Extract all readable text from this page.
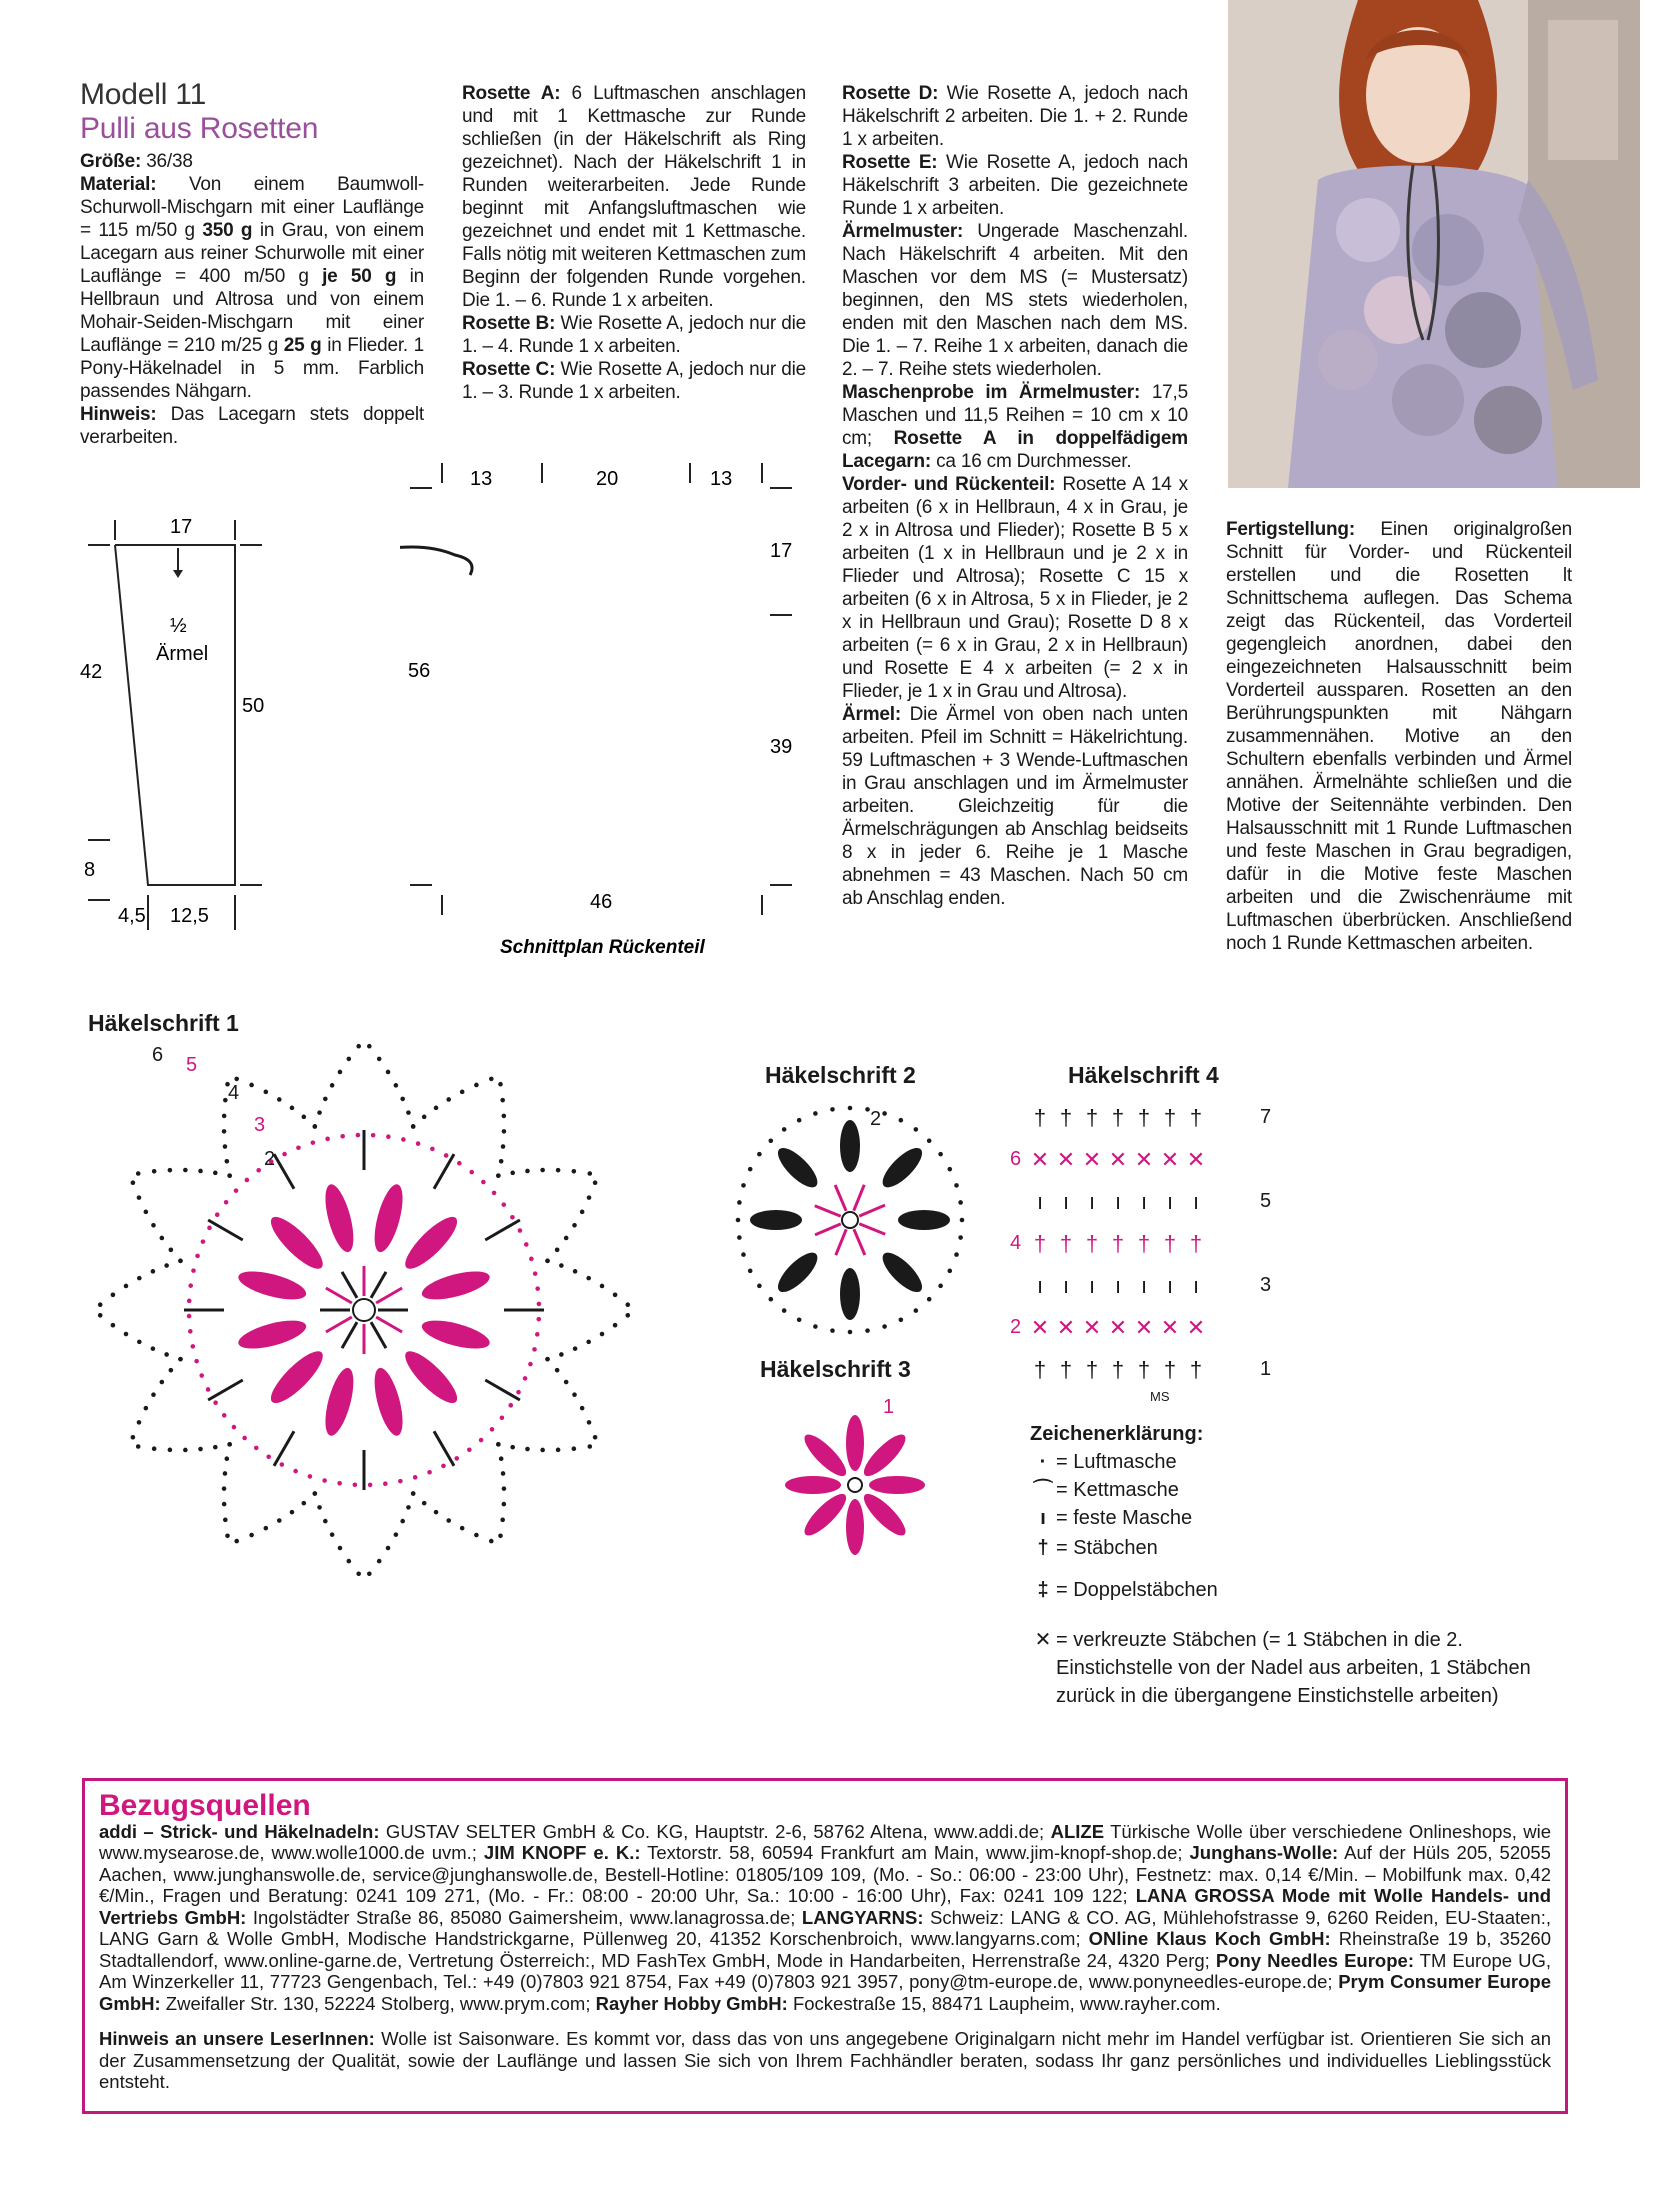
Modell 11
Pulli aus Rosetten

Größe: 36/38

Material: Von einem Baumwoll-Schurwoll-Mischgarn mit einer Lauflänge = 115 m/50 g 350 g in Grau, von einem Lacegarn aus reiner Schurwolle mit einer Lauflänge = 400 m/50 g je 50 g in Hellbraun und Altrosa und von einem Mohair-Seiden-Mischgarn mit einer Lauflänge = 210 m/25 g 25 g in Flieder. 1 Pony-Häkelnadel in 5 mm. Farblich passendes Nähgarn.

Hinweis: Das Lacegarn stets doppelt verarbeiten.

Rosette A: 6 Luftmaschen anschlagen und mit 1 Kettmasche zur Runde schließen (in der Häkelschrift als Ring gezeichnet). Nach der Häkelschrift 1 in Runden weiterarbeiten. Jede Runde beginnt mit Anfangsluftmaschen wie gezeichnet und endet mit 1 Kettmasche. Falls nötig mit weiteren Kettmaschen zum Beginn der folgenden Runde vorgehen. Die 1. – 6. Runde 1 x arbeiten.

Rosette B: Wie Rosette A, jedoch nur die 1. – 4. Runde 1 x arbeiten.

Rosette C: Wie Rosette A, jedoch nur die 1. – 3. Runde 1 x arbeiten.

Rosette D: Wie Rosette A, jedoch nach Häkelschrift 2 arbeiten. Die 1. + 2. Runde 1 x arbeiten.

Rosette E: Wie Rosette A, jedoch nach Häkelschrift 3 arbeiten. Die gezeichnete Runde 1 x arbeiten.

Ärmelmuster: Ungerade Maschenzahl. Nach Häkelschrift 4 arbeiten. Mit den Maschen vor dem MS (= Mustersatz) beginnen, den MS stets wiederholen, enden mit den Maschen nach dem MS. Die 1. – 7. Reihe 1 x arbeiten, danach die 2. – 7. Reihe stets wiederholen.

Maschenprobe im Ärmelmuster: 17,5 Maschen und 11,5 Reihen = 10 cm x 10 cm; Rosette A in doppelfädigem Lacegarn: ca 16 cm Durchmesser.

Vorder- und Rückenteil: Rosette A 14 x arbeiten (6 x in Hellbraun, 4 x in Grau, je 2 x in Altrosa und Flieder); Rosette B 5 x arbeiten (1 x in Hellbraun und je 2 x in Flieder und Altrosa); Rosette C 15 x arbeiten (6 x in Altrosa, 5 x in Flieder, je 2 x in Hellbraun und Grau); Rosette D 8 x arbeiten (= 6 x in Grau, 2 x in Hellbraun) und Rosette E 4 x arbeiten (= 2 x in Flieder, je 1 x in Grau und Altrosa).

Ärmel: Die Ärmel von oben nach unten arbeiten. Pfeil im Schnitt = Häkelrichtung. 59 Luftmaschen + 3 Wende-Luftmaschen in Grau anschlagen und im Ärmelmuster arbeiten. Gleichzeitig für die Ärmelschrägungen ab Anschlag beidseits 8 x in jeder 6. Reihe je 1 Masche abnehmen = 43 Maschen. Nach 50 cm ab Anschlag enden.

Fertigstellung: Einen originalgroßen Schnitt für Vorder- und Rückenteil erstellen und die Rosetten lt Schnittschema auflegen. Das Schema zeigt das Rückenteil, das Vorderteil gegengleich anordnen, dabei den eingezeichneten Halsausschnitt beim Vorderteil aussparen. Rosetten an den Berührungspunkten mit Nähgarn zusammennähen. Motive an den Schultern ebenfalls verbinden und Ärmel annähen. Ärmelnähte schließen und die Motive der Seitennähte verbinden. Den Halsausschnitt mit 1 Runde Luftmaschen und feste Maschen in Grau begradigen, dafür in die Motive feste Maschen arbeiten und die Zwischenräume mit Luftmaschen überbrücken. Anschließend noch 1 Runde Kettmaschen arbeiten.

17
½
Ärmel
42
50
8
4,5 12,5
13	20	13
17
56
39
46
Schnittplan Rückenteil
Häkelschrift 1
6 5
4
3
2
Häkelschrift 2
2
Häkelschrift 3
1
Häkelschrift 4
† † † † † † †	7
✕ ✕ ✕ ✕ ✕ ✕ ✕
6
ı ı ı ı ı ı ı	5
† † † † † † †
4
ı ı ı ı ı ı ı	3
✕ ✕ ✕ ✕ ✕ ✕ ✕
2
† † † † † † †	1
MS
Zeichenerklärung:
· = Luftmasche
⌒ = Kettmasche
ı = feste Masche
† = Stäbchen
‡ = Doppelstäbchen
✕ = verkreuzte Stäbchen (= 1 Stäbchen in die 2. Einstichstelle von der Nadel aus arbeiten, 1 Stäbchen zurück in die übergangene Einstichstelle arbeiten)
Bezugsquellen

addi – Strick- und Häkelnadeln: GUSTAV SELTER GmbH & Co. KG, Hauptstr. 2-6, 58762 Altena, www.addi.de; ALIZE Türkische Wolle über verschiedene Onlineshops, wie www.mysearose.de, www.wolle1000.de uvm.; JIM KNOPF e. K.: Textorstr. 58, 60594 Frankfurt am Main, www.jim-knopf-shop.de; Junghans-Wolle: Auf der Hüls 205, 52055 Aachen, www.junghanswolle.de, service@junghanswolle.de, Bestell-Hotline: 01805/109 109, (Mo. - So.: 06:00 - 23:00 Uhr), Festnetz: max. 0,14 €/Min. – Mobilfunk max. 0,42 €/Min., Fragen und Beratung: 0241 109 271, (Mo. - Fr.: 08:00 - 20:00 Uhr, Sa.: 10:00 - 16:00 Uhr), Fax: 0241 109 122; LANA GROSSA Mode mit Wolle Handels- und Vertriebs GmbH: Ingolstädter Straße 86, 85080 Gaimersheim, www.lanagrossa.de; LANGYARNS: Schweiz: LANG & CO. AG, Mühlehofstrasse 9, 6260 Reiden, EU-Staaten:, LANG Garn & Wolle GmbH, Modische Handstrickgarne, Püllenweg 20, 41352 Korschenbroich, www.langyarns.com; ONline Klaus Koch GmbH: Rheinstraße 19 b, 35260 Stadtallendorf, www.online-garne.de, Vertretung Österreich:, MD FashTex GmbH, Mode in Handarbeiten, Herrenstraße 24, 4320 Perg; Pony Needles Europe: TM Europe UG, Am Winzerkeller 11, 77723 Gengenbach, Tel.: +49 (0)7803 921 8754, Fax +49 (0)7803 921 3957, pony@tm-europe.de, www.ponyneedles-europe.de; Prym Consumer Europe GmbH: Zweifaller Str. 130, 52224 Stolberg, www.prym.com; Rayher Hobby GmbH: Fockestraße 15, 88471 Laupheim, www.rayher.com.

Hinweis an unsere LeserInnen: Wolle ist Saisonware. Es kommt vor, dass das von uns angegebene Originalgarn nicht mehr im Handel verfügbar ist. Orientieren Sie sich an der Zusammensetzung der Qualität, sowie der Lauflänge und lassen Sie sich von Ihrem Fachhändler beraten, sodass Ihr ganz persönliches und individuelles Lieblingsstück entsteht.
